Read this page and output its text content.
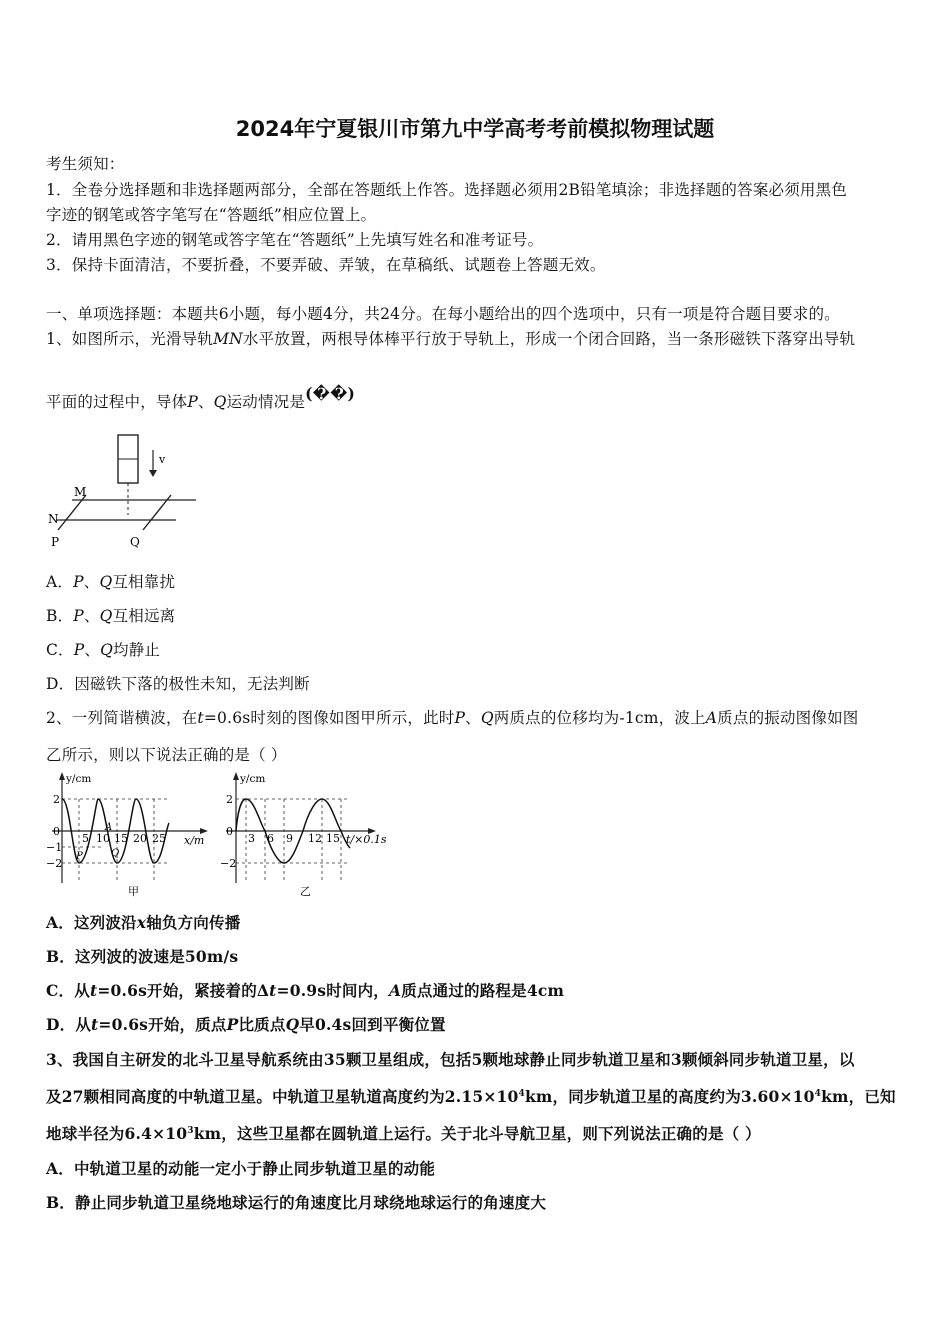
2024年宁夏银川市第九中学高考考前模拟物理试题
考生须知：
1．全卷分选择题和非选择题两部分，全部在答题纸上作答。选择题必须用2B铅笔填涂；非选择题的答案必须用黑色
字迹的钢笔或答字笔写在“答题纸”相应位置上。
2．请用黑色字迹的钢笔或答字笔在“答题纸”上先填写姓名和准考证号。
3．保持卡面清洁，不要折叠，不要弄破、弄皱，在草稿纸、试题卷上答题无效。
一、单项选择题：本题共6小题，每小题4分，共24分。在每小题给出的四个选项中，只有一项是符合题目要求的。
1、如图所示，光滑导轨MN水平放置，两根导体棒平行放于导轨上，形成一个闭合回路，当一条形磁铁下落穿出导轨
平面的过程中，导体P、Q运动情况是(��)
v
M
N
P	Q
A．P、Q互相靠扰
B．P、Q互相远离
C．P、Q均静止
D．因磁铁下落的极性未知，无法判断
2、一列简谐横波，在t=0.6s时刻的图像如图甲所示，此时P、Q两质点的位移均为-1cm，波上A质点的振动图像如图
乙所示，则以下说法正确的是（ ）
y/cm
2
0
−1
−2
5 10 15 20 25 x/m
A
P	Q
甲
y/cm
2
0
−2
3 6 9 12 15 t/×0.1s
乙
A．这列波沿x轴负方向传播
B．这列波的波速是50m/s
C．从t=0.6s开始，紧接着的Δt=0.9s时间内，A质点通过的路程是4cm
D．从t=0.6s开始，质点P比质点Q早0.4s回到平衡位置
3、我国自主研发的北斗卫星导航系统由35颗卫星组成，包括5颗地球静止同步轨道卫星和3颗倾斜同步轨道卫星，以
及27颗相同高度的中轨道卫星。中轨道卫星轨道高度约为$2.15\times 10^4km$，同步轨道卫星的高度约为$3.60\times 10^4km$，已知
地球半径为$6.4\times 10^3km$，这些卫星都在圆轨道上运行。关于北斗导航卫星，则下列说法正确的是（ ）
A．中轨道卫星的动能一定小于静止同步轨道卫星的动能
B．静止同步轨道卫星绕地球运行的角速度比月球绕地球运行的角速度大
